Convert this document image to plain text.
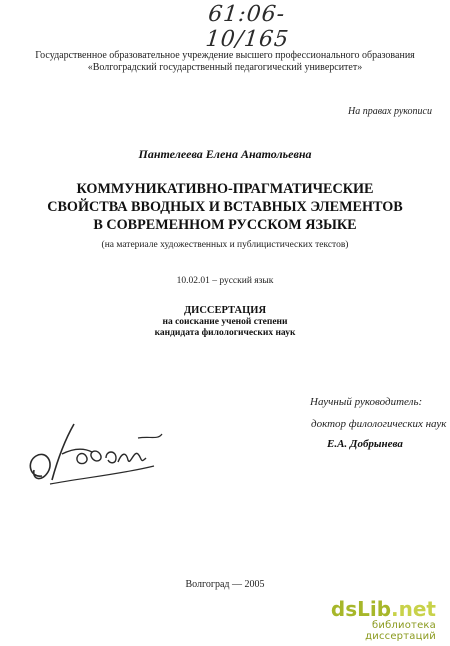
61:06-10/165
Государственное образовательное учреждение высшего профессионального образования
«Волгоградский государственный педагогический университет»
На правах рукописи
Пантелеева Елена Анатольевна
КОММУНИКАТИВНО-ПРАГМАТИЧЕСКИЕ
СВОЙСТВА ВВОДНЫХ И ВСТАВНЫХ ЭЛЕМЕНТОВ
В СОВРЕМЕННОМ РУССКОМ ЯЗЫКЕ
(на материале художественных и публицистических текстов)
10.02.01 – русский язык
ДИССЕРТАЦИЯ
на соискание ученой степени
кандидата филологических наук
Научный руководитель:
доктор филологических наук
Е.А. Добрынева
Волгоград — 2005
dsLib.net
библиотека диссертаций
